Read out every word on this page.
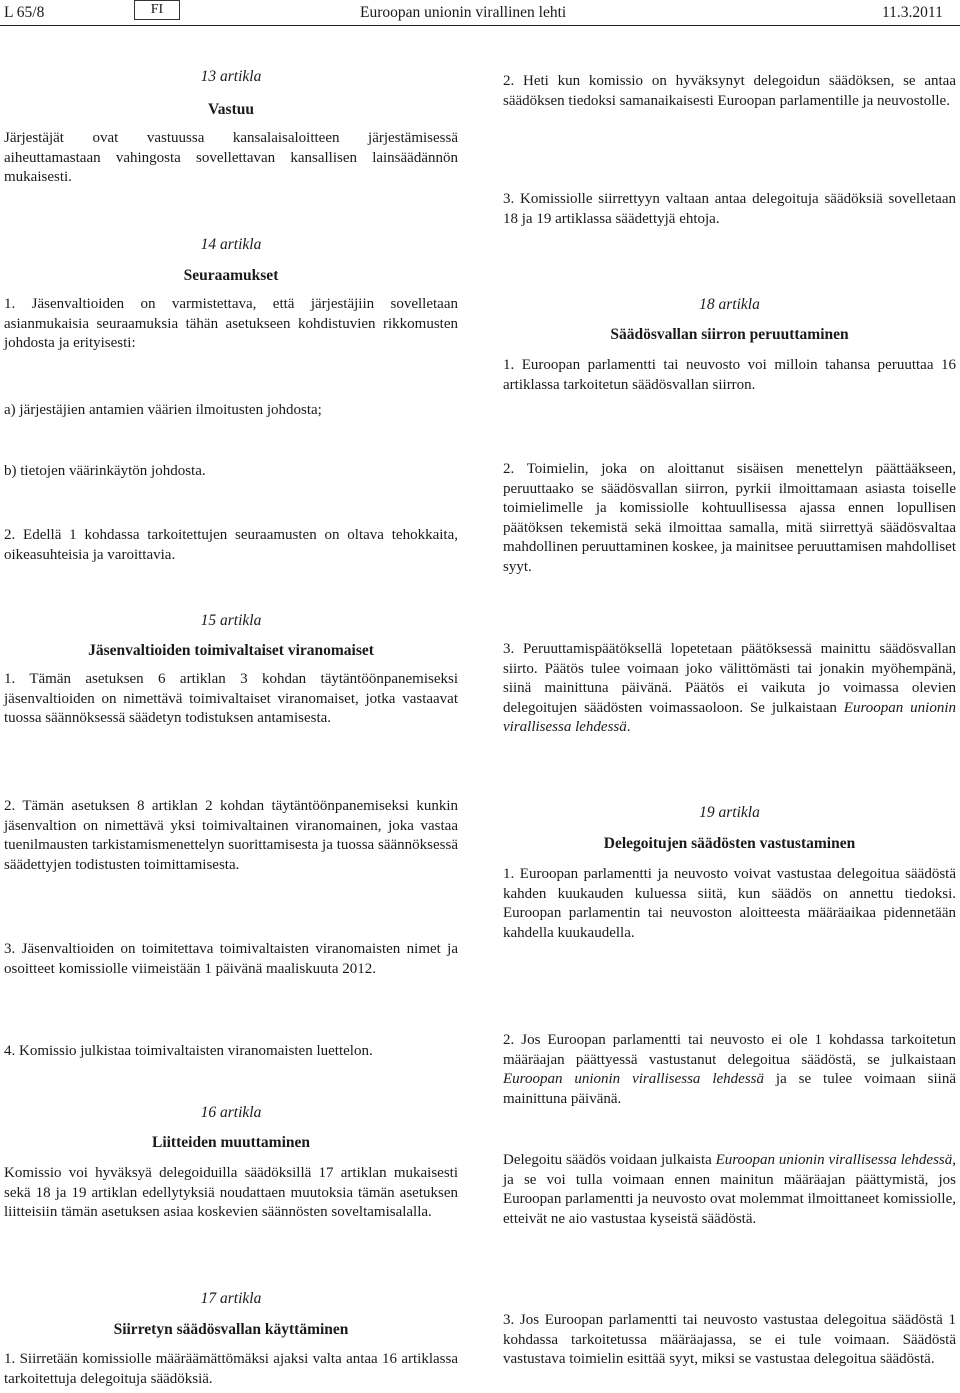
L 65/8	FI	Euroopan unionin virallinen lehti	11.3.2011
13 artikla
Vastuu

Järjestäjät ovat vastuussa kansalaisaloitteen järjestämisessä aiheuttamastaan vahingosta sovellettavan kansallisen lainsäädännön mukaisesti.

14 artikla
Seuraamukset

1. Jäsenvaltioiden on varmistettava, että järjestäjiin sovelletaan asianmukaisia seuraamuksia tähän asetukseen kohdistuvien rikkomusten johdosta ja erityisesti:

a) järjestäjien antamien väärien ilmoitusten johdosta;

b) tietojen väärinkäytön johdosta.

2. Edellä 1 kohdassa tarkoitettujen seuraamusten on oltava tehokkaita, oikeasuhteisia ja varoittavia.

15 artikla
Jäsenvaltioiden toimivaltaiset viranomaiset

1. Tämän asetuksen 6 artiklan 3 kohdan täytäntöönpanemiseksi jäsenvaltioiden on nimettävä toimivaltaiset viranomaiset, jotka vastaavat tuossa säännöksessä säädetyn todistuksen antamisesta.

2. Tämän asetuksen 8 artiklan 2 kohdan täytäntöönpanemiseksi kunkin jäsenvaltion on nimettävä yksi toimivaltainen viranomainen, joka vastaa tuenilmausten tarkistamismenettelyn suorittamisesta ja tuossa säännöksessä säädettyjen todistusten toimittamisesta.

3. Jäsenvaltioiden on toimitettava toimivaltaisten viranomaisten nimet ja osoitteet komissiolle viimeistään 1 päivänä maaliskuuta 2012.

4. Komissio julkistaa toimivaltaisten viranomaisten luettelon.

16 artikla
Liitteiden muuttaminen

Komissio voi hyväksyä delegoiduilla säädöksillä 17 artiklan mukaisesti sekä 18 ja 19 artiklan edellytyksiä noudattaen muutoksia tämän asetuksen liitteisiin tämän asetuksen asiaa koskevien säännösten soveltamisalalla.

17 artikla
Siirretyn säädösvallan käyttäminen

1. Siirretään komissiolle määräämättömäksi ajaksi valta antaa 16 artiklassa tarkoitettuja delegoituja säädöksiä.

2. Heti kun komissio on hyväksynyt delegoidun säädöksen, se antaa säädöksen tiedoksi samanaikaisesti Euroopan parlamentille ja neuvostolle.

3. Komissiolle siirrettyyn valtaan antaa delegoituja säädöksiä sovelletaan 18 ja 19 artiklassa säädettyjä ehtoja.

18 artikla
Säädösvallan siirron peruuttaminen

1. Euroopan parlamentti tai neuvosto voi milloin tahansa peruuttaa 16 artiklassa tarkoitetun säädösvallan siirron.

2. Toimielin, joka on aloittanut sisäisen menettelyn päättääkseen, peruuttaako se säädösvallan siirron, pyrkii ilmoittamaan asiasta toiselle toimielimelle ja komissiolle kohtuullisessa ajassa ennen lopullisen päätöksen tekemistä sekä ilmoittaa samalla, mitä siirrettyä säädösvaltaa mahdollinen peruuttaminen koskee, ja mainitsee peruuttamisen mahdolliset syyt.

3. Peruuttamispäätöksellä lopetetaan päätöksessä mainittu säädösvallan siirto. Päätös tulee voimaan joko välittömästi tai jonakin myöhempänä, siinä mainittuna päivänä. Päätös ei vaikuta jo voimassa olevien delegoitujen säädösten voimassaoloon. Se julkaistaan Euroopan unionin virallisessa lehdessä.

19 artikla
Delegoitujen säädösten vastustaminen

1. Euroopan parlamentti ja neuvosto voivat vastustaa delegoitua säädöstä kahden kuukauden kuluessa siitä, kun säädös on annettu tiedoksi. Euroopan parlamentin tai neuvoston aloitteesta määräaikaa pidennetään kahdella kuukaudella.

2. Jos Euroopan parlamentti tai neuvosto ei ole 1 kohdassa tarkoitetun määräajan päättyessä vastustanut delegoitua säädöstä, se julkaistaan Euroopan unionin virallisessa lehdessä ja se tulee voimaan siinä mainittuna päivänä.

Delegoitu säädös voidaan julkaista Euroopan unionin virallisessa lehdessä, ja se voi tulla voimaan ennen mainitun määräajan päättymistä, jos Euroopan parlamentti ja neuvosto ovat molemmat ilmoittaneet komissiolle, etteivät ne aio vastustaa kyseistä säädöstä.

3. Jos Euroopan parlamentti tai neuvosto vastustaa delegoitua säädöstä 1 kohdassa tarkoitetussa määräajassa, se ei tule voimaan. Säädöstä vastustava toimielin esittää syyt, miksi se vastustaa delegoitua säädöstä.
